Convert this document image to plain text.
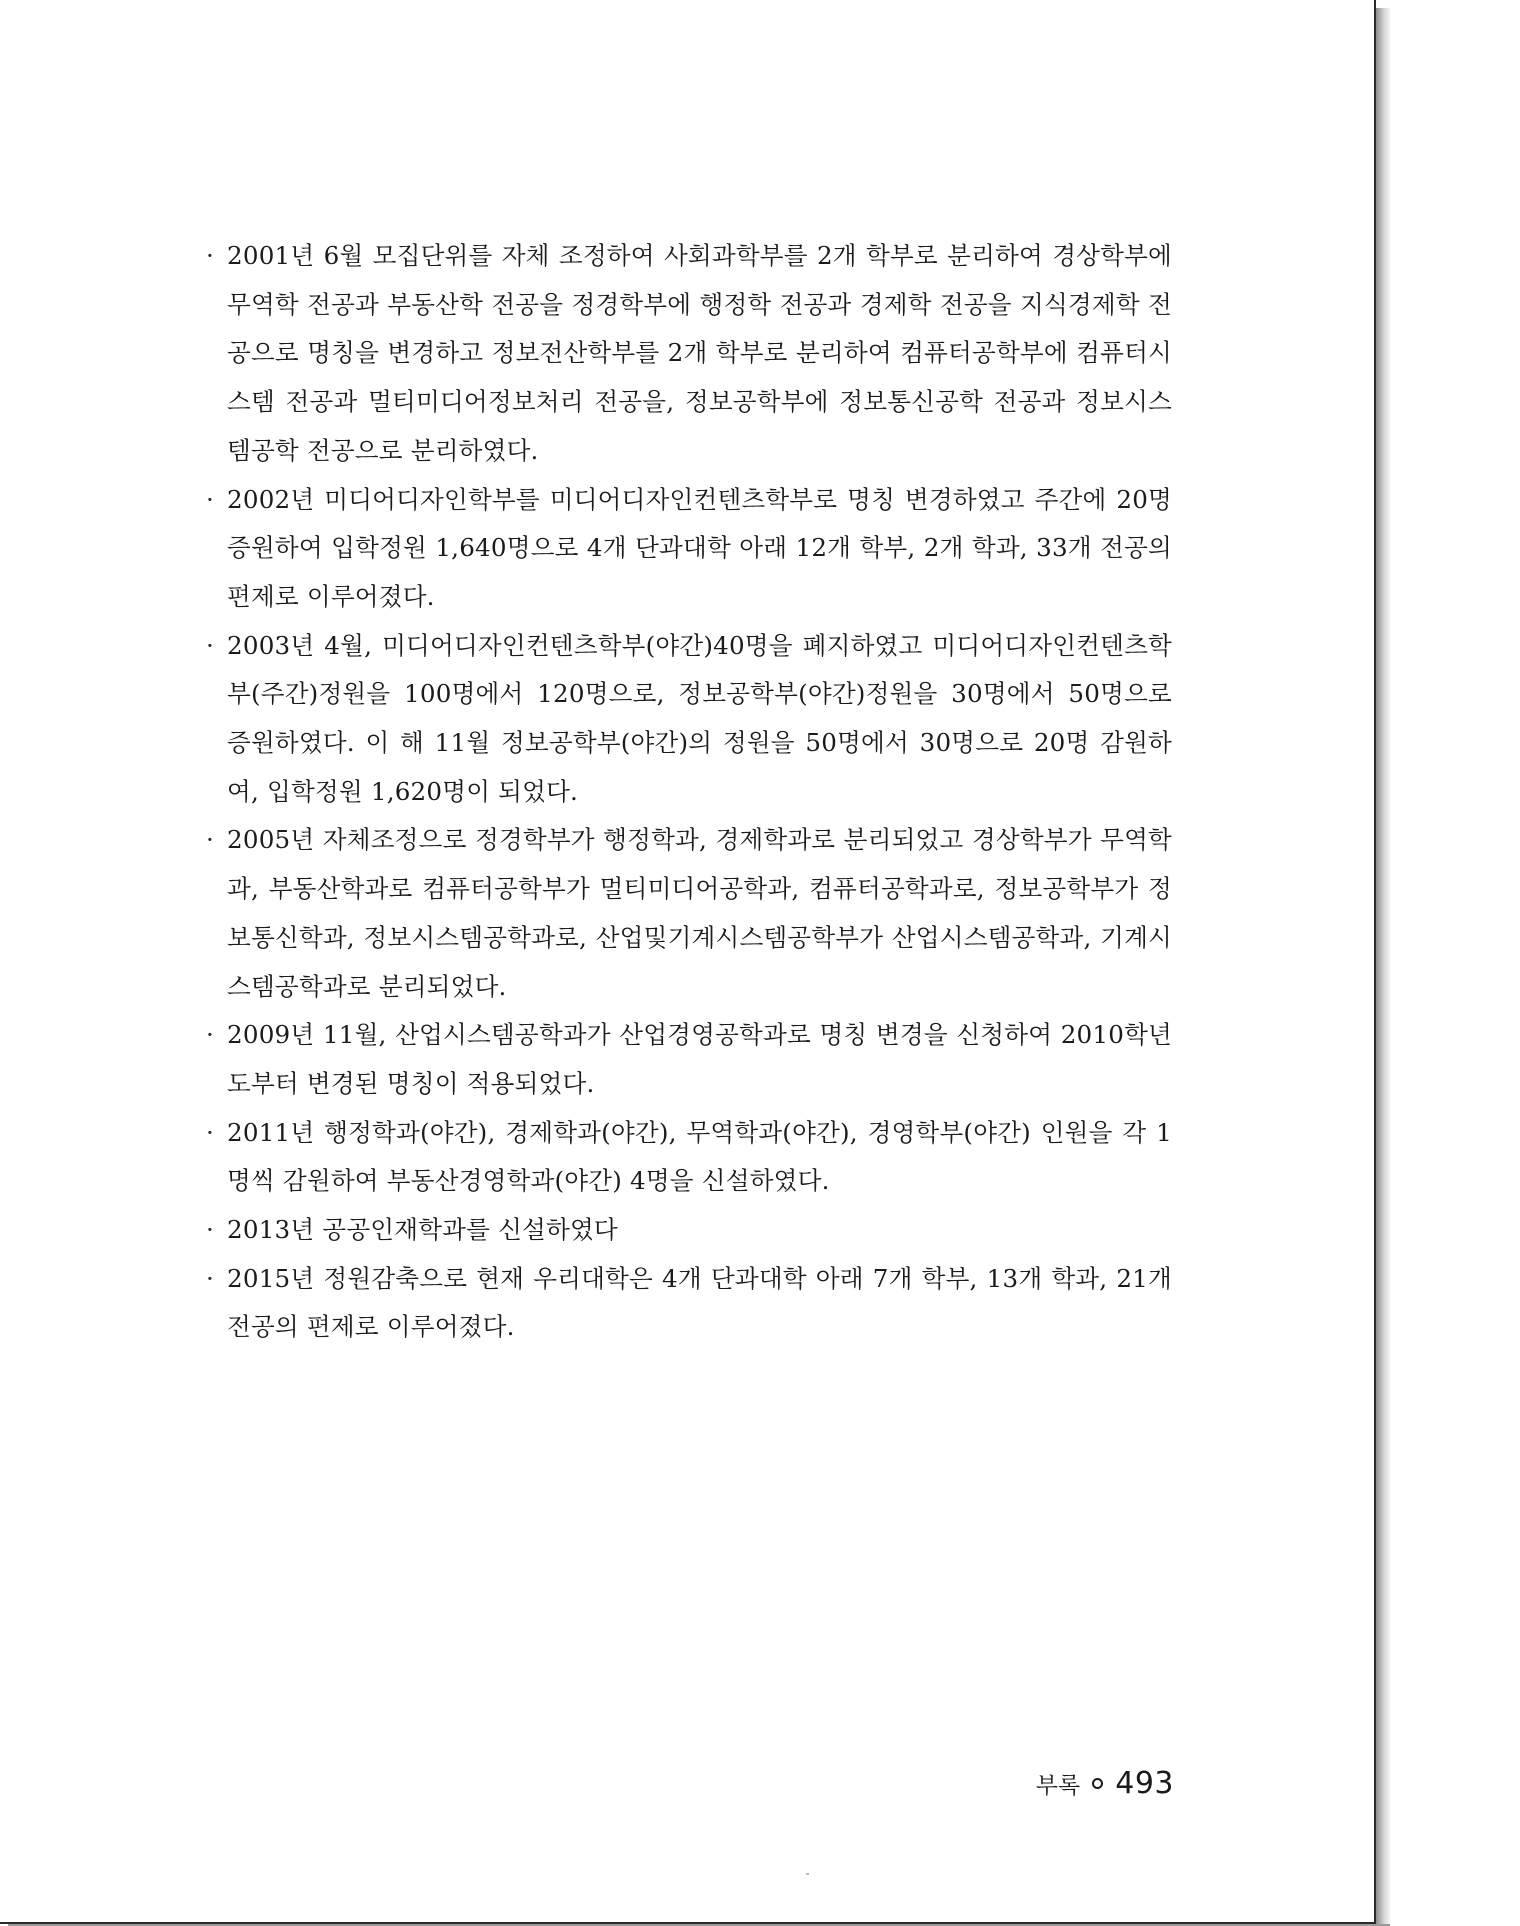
· 2001년 6월 모집단위를 자체 조정하여 사회과학부를 2개 학부로 분리하여 경상학부에 무역학 전공과 부동산학 전공을 정경학부에 행정학 전공과 경제학 전공을 지식경제학 전공으로 명칭을 변경하고 정보전산학부를 2개 학부로 분리하여 컴퓨터공학부에 컴퓨터시스템 전공과 멀티미디어정보처리 전공을, 정보공학부에 정보통신공학 전공과 정보시스템공학 전공으로 분리하였다.
· 2002년 미디어디자인학부를 미디어디자인컨텐츠학부로 명칭 변경하였고 주간에 20명 증원하여 입학정원 1,640명으로 4개 단과대학 아래 12개 학부, 2개 학과, 33개 전공의 편제로 이루어졌다.
· 2003년 4월, 미디어디자인컨텐츠학부(야간)40명을 폐지하였고 미디어디자인컨텐츠학부(주간)정원을 100명에서 120명으로, 정보공학부(야간)정원을 30명에서 50명으로 증원하였다. 이 해 11월 정보공학부(야간)의 정원을 50명에서 30명으로 20명 감원하여, 입학정원 1,620명이 되었다.
· 2005년 자체조정으로 정경학부가 행정학과, 경제학과로 분리되었고 경상학부가 무역학과, 부동산학과로 컴퓨터공학부가 멀티미디어공학과, 컴퓨터공학과로, 정보공학부가 정보통신학과, 정보시스템공학과로, 산업및기계시스템공학부가 산업시스템공학과, 기계시스템공학과로 분리되었다.
· 2009년 11월, 산업시스템공학과가 산업경영공학과로 명칭 변경을 신청하여 2010학년도부터 변경된 명칭이 적용되었다.
· 2011년 행정학과(야간), 경제학과(야간), 무역학과(야간), 경영학부(야간) 인원을 각 1명씩 감원하여 부동산경영학과(야간) 4명을 신설하였다.
· 2013년 공공인재학과를 신설하였다
· 2015년 정원감축으로 현재 우리대학은 4개 단과대학 아래 7개 학부, 13개 학과, 21개 전공의 편제로 이루어졌다.
부록 493
